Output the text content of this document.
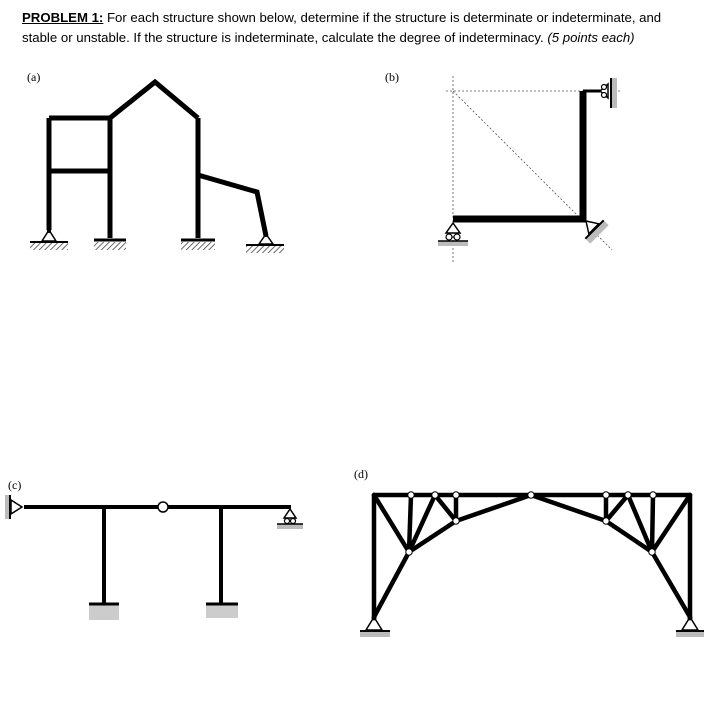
PROBLEM 1: For each structure shown below, determine if the structure is determinate or indeterminate, and stable or unstable. If the structure is indeterminate, calculate the degree of indeterminacy. (5 points each)
(a)	(b)
(c)
(d)
